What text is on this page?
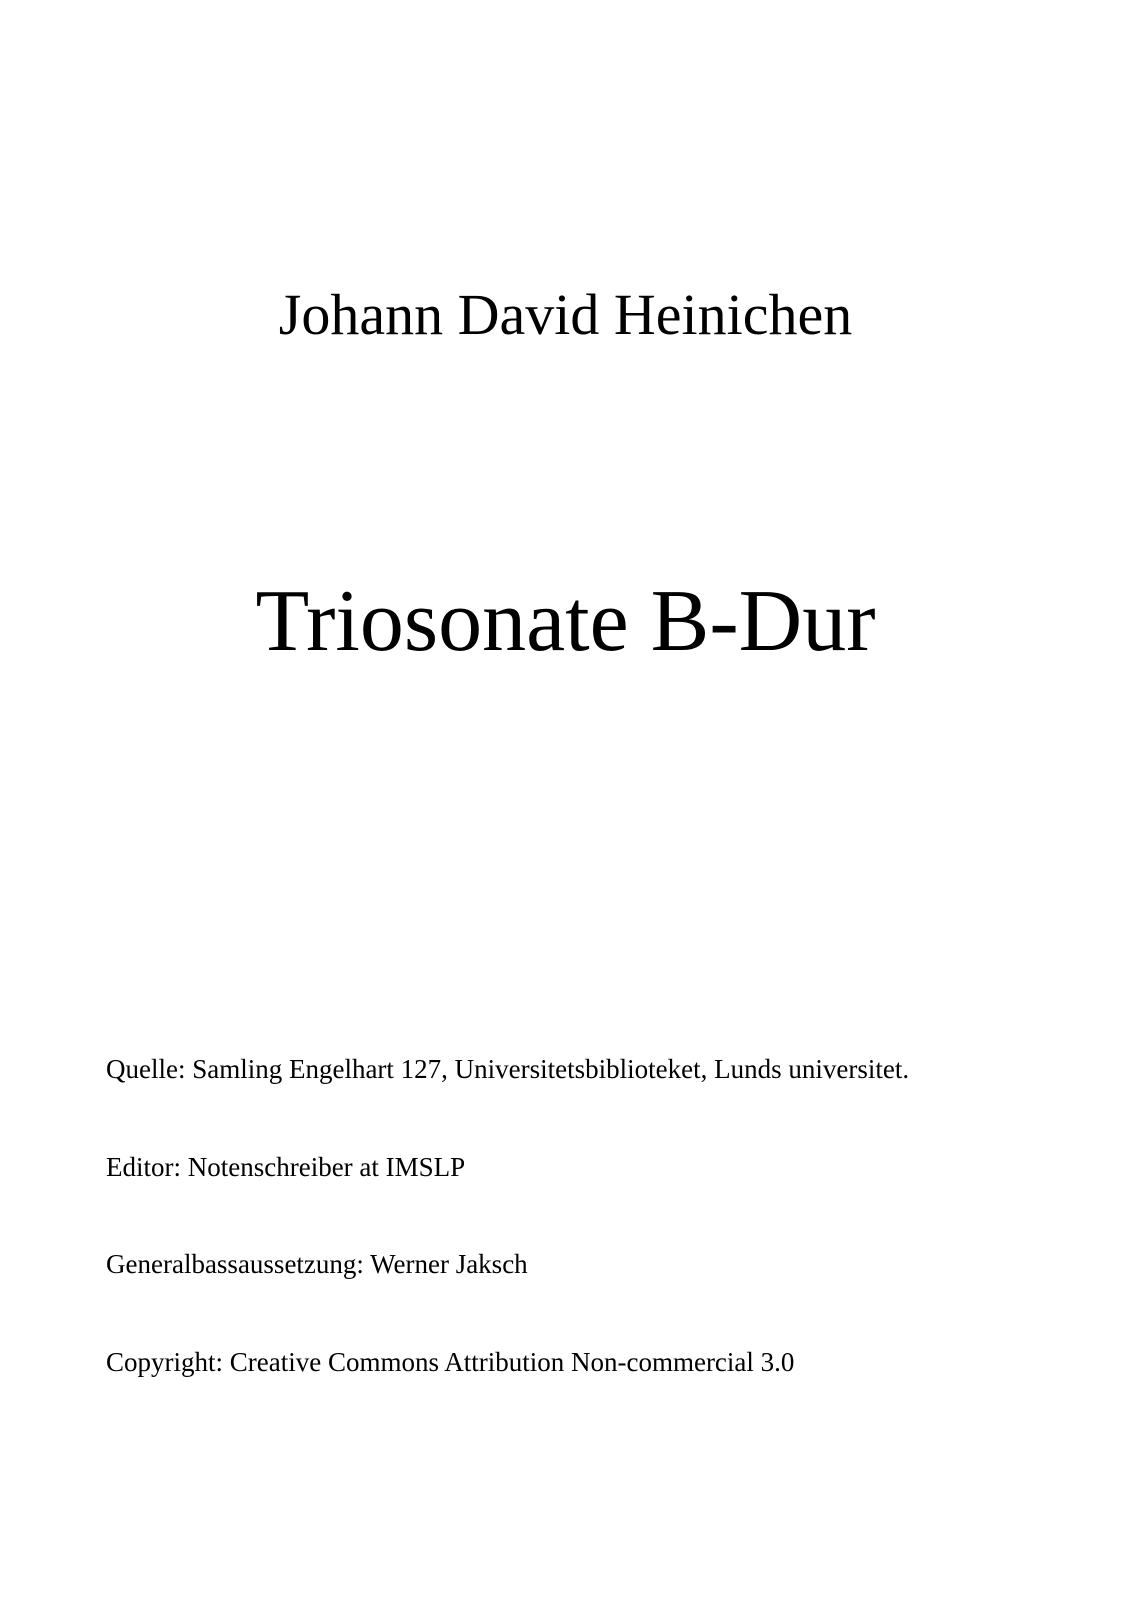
Johann David Heinichen
Triosonate B-Dur
Quelle: Samling Engelhart 127, Universitetsbiblioteket, Lunds universitet.
Editor: Notenschreiber at IMSLP
Generalbassaussetzung: Werner Jaksch
Copyright: Creative Commons Attribution Non-commercial 3.0
